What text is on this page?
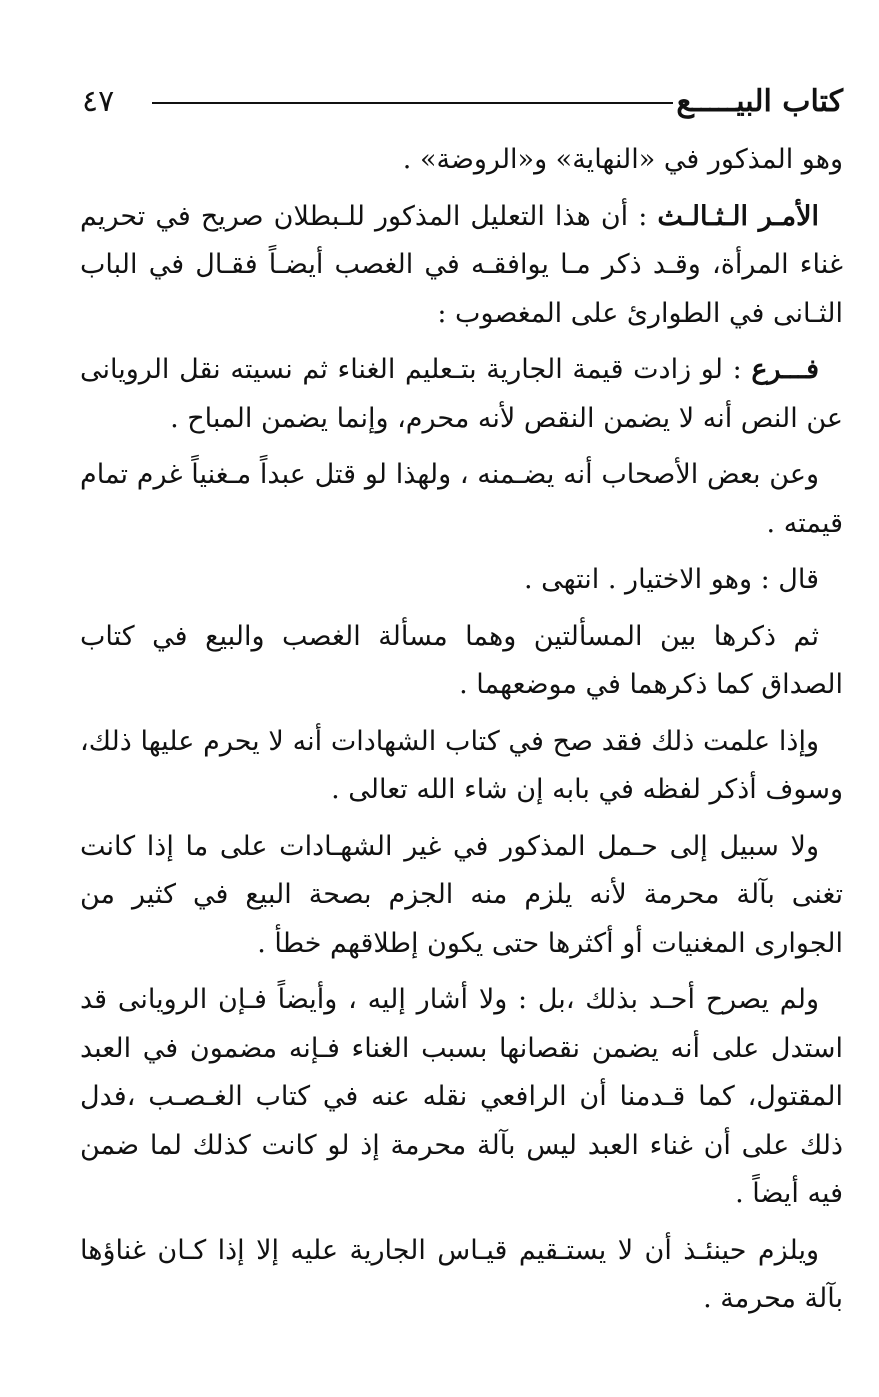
كتاب البيـــــع
٤٧

وهو المذكور في «النهاية» و«الروضة» .

الأمـر الـثـالـث : أن هذا التعليل المذكور للـبطلان صريح في تحريم غناء المرأة، وقـد ذكر مـا يوافقـه في الغصب أيضـاً فقـال في الباب الثـانى في الطوارئ على المغصوب :

فـــرع : لو زادت قيمة الجارية بتـعليم الغناء ثم نسيته نقل الرويانى عن النص أنه لا يضمن النقص لأنه محرم، وإنما يضمن المباح .

وعن بعض الأصحاب أنه يضـمنه ، ولهذا لو قتل عبداً مـغنياً غرم تمام قيمته .

قال : وهو الاختيار . انتهى .

ثم ذكرها بين المسألتين وهما مسألة الغصب والبيع في كتاب الصداق كما ذكرهما في موضعهما .

وإذا علمت ذلك فقد صح في كتاب الشهادات أنه لا يحرم عليها ذلك، وسوف أذكر لفظه في بابه إن شاء الله تعالى .

ولا سبيل إلى حـمل المذكور في غير الشهـادات على ما إذا كانت تغنى بآلة محرمة لأنه يلزم منه الجزم بصحة البيع في كثير من الجوارى المغنيات أو أكثرها حتى يكون إطلاقهم خطأ .

ولم يصرح أحـد بذلك ،بل : ولا أشار إليه ، وأيضاً فـإن الرويانى قد استدل على أنه يضمن نقصانها بسبب الغناء فـإنه مضمون في العبد المقتول، كما قـدمنا أن الرافعي نقله عنه في كتاب الغـصـب ،فدل ذلك على أن غناء العبد ليس بآلة محرمة إذ لو كانت كذلك لما ضمن فيه أيضاً .

ويلزم حينئـذ أن لا يستـقيم قيـاس الجارية عليه إلا إذا كـان غناؤها بآلة محرمة .
